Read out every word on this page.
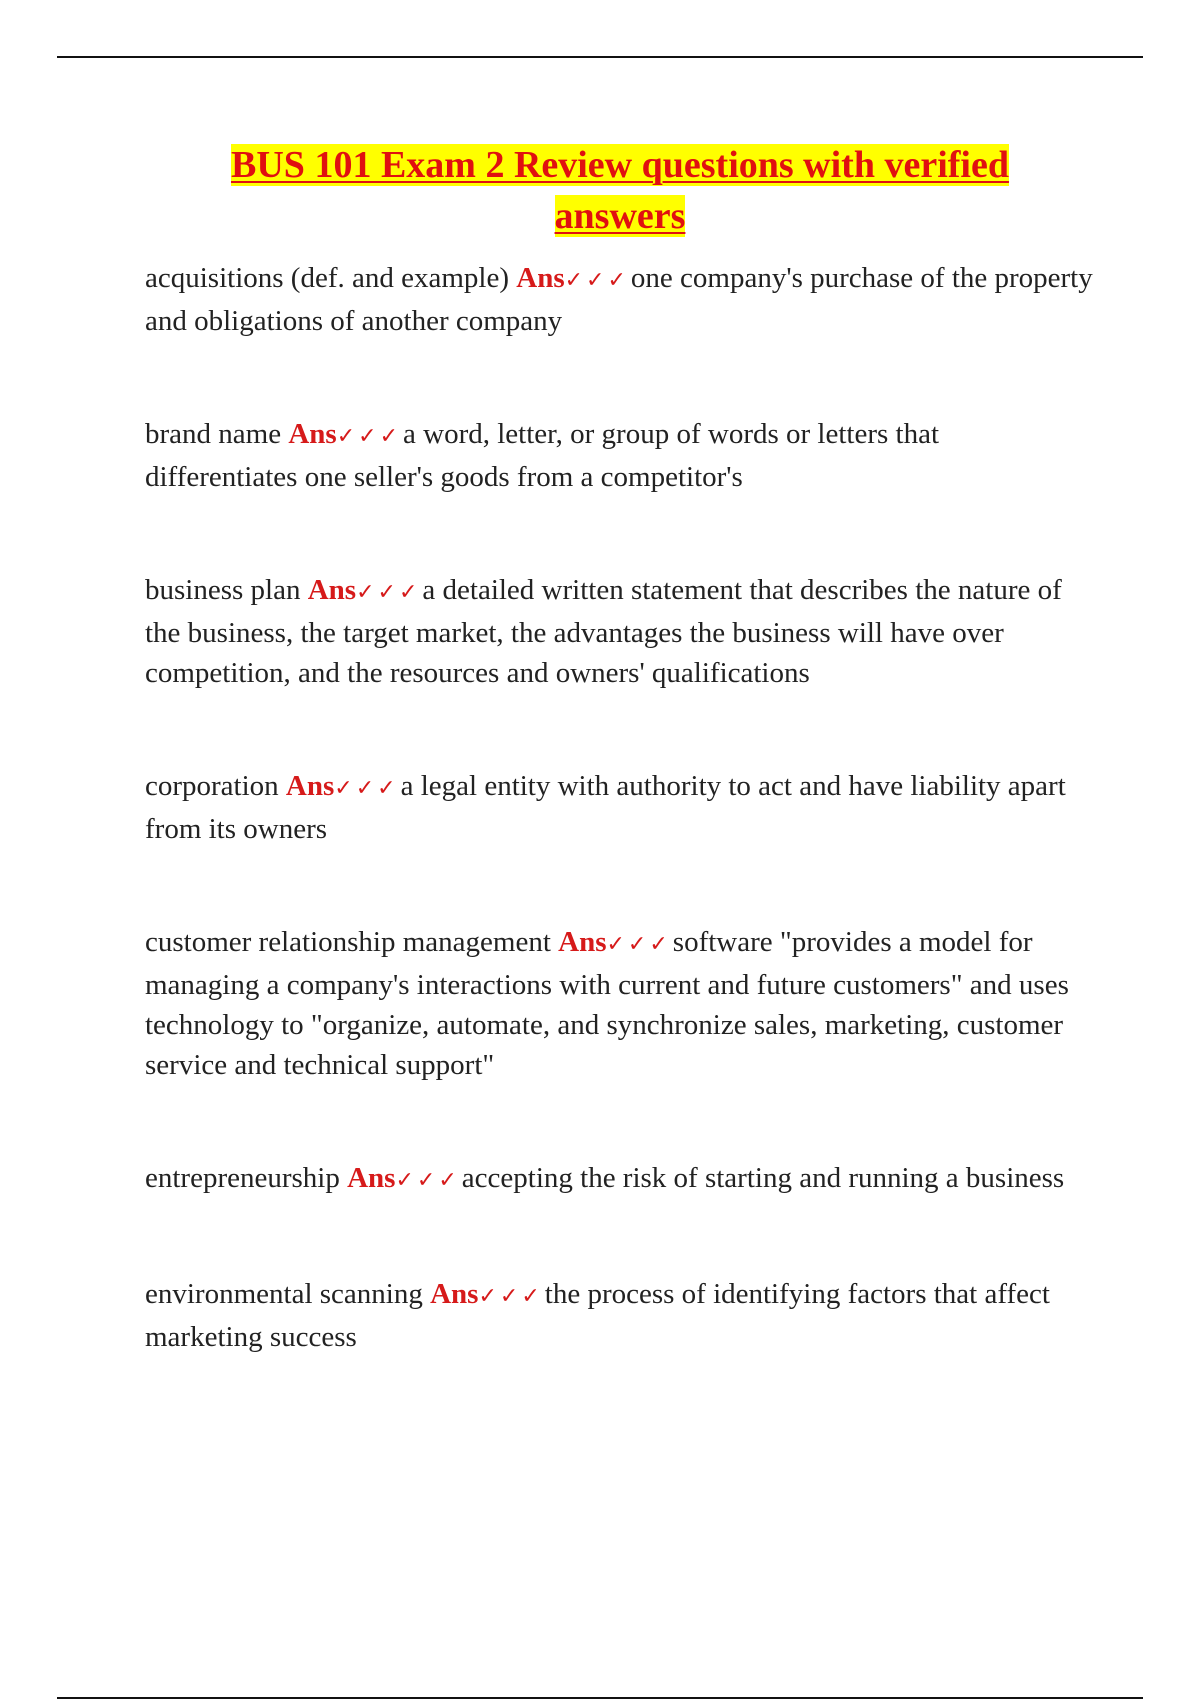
BUS 101 Exam 2 Review questions with verified answers

acquisitions (def. and example) Ans✓✓✓one company's purchase of the property and obligations of another company

brand name Ans✓✓✓a word, letter, or group of words or letters that differentiates one seller's goods from a competitor's

business plan Ans✓✓✓a detailed written statement that describes the nature of the business, the target market, the advantages the business will have over competition, and the resources and owners' qualifications

corporation Ans✓✓✓a legal entity with authority to act and have liability apart from its owners

customer relationship management Ans✓✓✓software "provides a model for managing a company's interactions with current and future customers" and uses technology to "organize, automate, and synchronize sales, marketing, customer service and technical support"

entrepreneurship Ans✓✓✓accepting the risk of starting and running a business

environmental scanning Ans✓✓✓the process of identifying factors that affect marketing success
